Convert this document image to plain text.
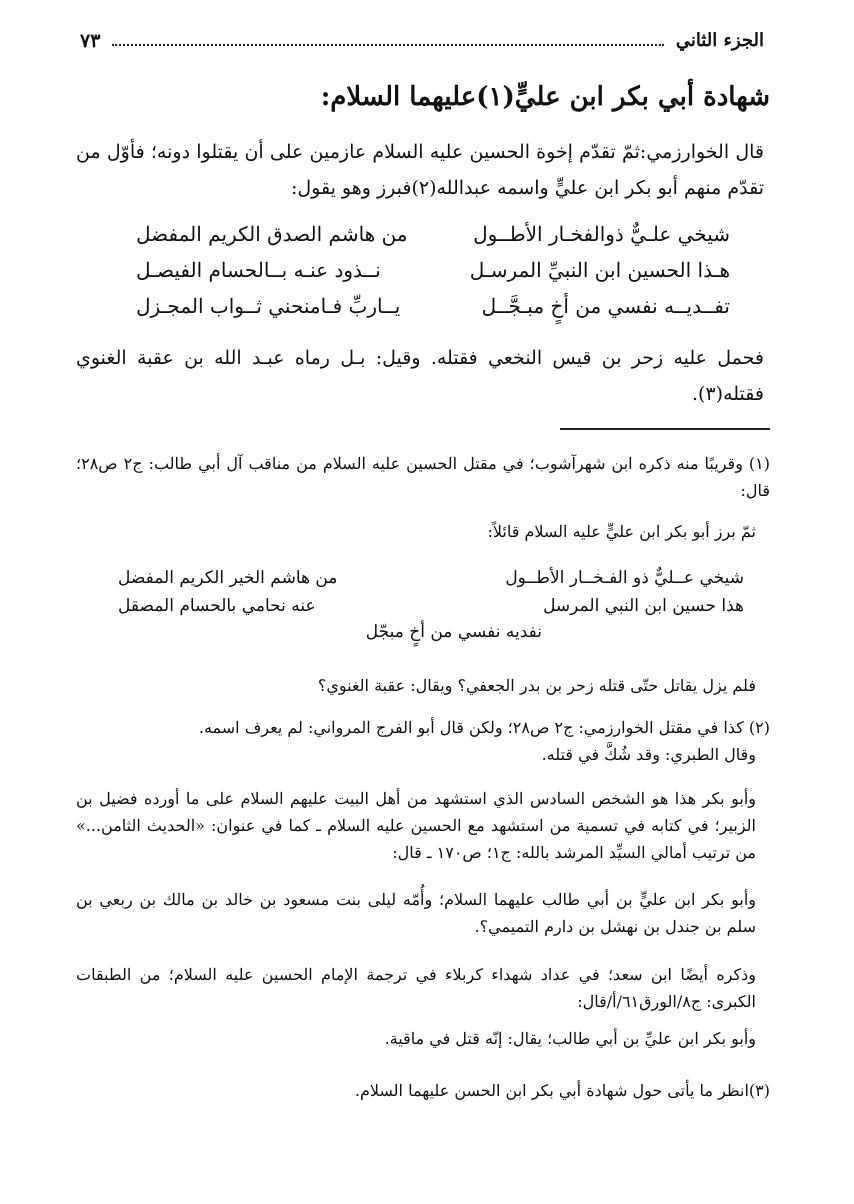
٧٣	الجزء الثاني
شهادة أبي بكر ابن عليٍّ(١)عليهما السلام:
قال الخوارزمي:ثمّ تقدّم إخوة الحسين عليه السلام عازمين على أن يقتلوا دونه؛ فأوّل من تقدّم منهم أبو بكر ابن عليٍّ واسمه عبدالله(٢)فبرز وهو يقول:
شيخي علـيٌّ ذوالفخـار الأطــول
من هاشم الصدق الكريم المفضل
هـذا الحسين ابن النبيِّ المرسـل
نــذود عنـه بــالحسام الفيصـل
تفــديــه نفسي من أخٍ مبـجَّــل
يــاربِّ فـامنحني ثــواب المجـزل
فحمل عليه زحر بن قيس النخعي فقتله. وقيل: بـل رماه عبـد الله بن عقبة الغنوي فقتله(٣).
(١) وقريبًا منه ذكره ابن شهرآشوب؛ في مقتل الحسين عليه السلام من مناقب آل أبي طالب: ج٢ ص٢٨؛ قال:
ثمّ برز أبو بكر ابن عليٍّ عليه السلام قائلاً:
شيخي عــليٌّ ذو الفـخــار الأطــول
من هاشم الخير الكريم المفضل
هذا حسين ابن النبي المرسل
عنه نحامي بالحسام المصقل
نفديه نفسي من أخٍ مبجّل
فلم يزل يقاتل حتّى قتله زحر بن بدر الجعفي؟ ويقال: عقبة الغنوي؟
(٢) كذا في مقتل الخوارزمي: ج٢ ص٢٨؛ ولكن قال أبو الفرج المرواني: لم يعرف اسمه.
وقال الطبري: وقد شُكَّ في قتله.
وأبو بكر هذا هو الشخص السادس الذي استشهد من أهل البيت عليهم السلام على ما أورده فضيل بن الزبير؛ في كتابه في تسمية من استشهد مع الحسين عليه السلام ـ كما في عنوان: «الحديث الثامن...» من ترتيب أمالي السيِّد المرشد بالله: ج١؛ ص١٧٠ ـ قال:
وأبو بكر ابن عليٍّ بن أبي طالب عليهما السلام؛ وأُمّه ليلى بنت مسعود بن خالد بن مالك بن ربعي بن سلم بن جندل بن نهشل بن دارم التميمي؟.
وذكره أيضًا ابن سعد؛ في عداد شهداء كربلاء في ترجمة الإمام الحسين عليه السلام؛ من الطبقات الكبرى: ج٨/الورق٦١/أ/قال:
وأبو بكر ابن عليِّ بن أبي طالب؛ يقال: إنّه قتل في ماقية.
(٣)انظر ما يأتى حول شهادة أبي بكر ابن الحسن عليهما السلام.
